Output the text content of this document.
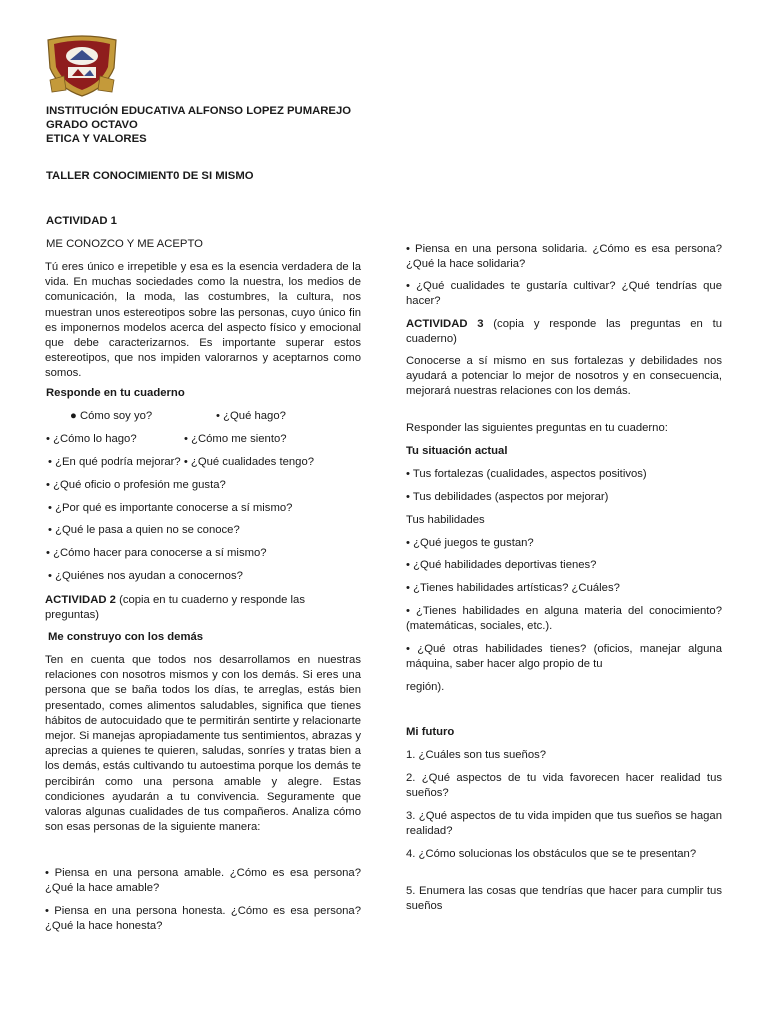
INSTITUCIÓN EDUCATIVA ALFONSO LOPEZ PUMAREJO

GRADO OCTAVO

ETICA Y VALORES

TALLER CONOCIMIENT0 DE SI MISMO

ACTIVIDAD 1

ME CONOZCO Y ME ACEPTO

Tú eres único e irrepetible y esa es la esencia verdadera de la vida. En muchas sociedades como la nuestra, los medios de comunicación, la moda, las costumbres, la cultura, nos muestran unos estereotipos sobre las personas, cuyo único fin es imponernos modelos acerca del aspecto físico y emocional que debe caracterizarnos. Es importante superar estos estereotipos, que nos impiden valorarnos y aceptarnos como somos.

Responde en tu cuaderno

● Cómo soy yo?	• ¿Qué hago?

• ¿Cómo lo hago?	• ¿Cómo me siento?

• ¿En qué podría mejorar? • ¿Qué cualidades tengo?

• ¿Qué oficio o profesión me gusta?

• ¿Por qué es importante conocerse a sí mismo?

• ¿Qué le pasa a quien no se conoce?

• ¿Cómo hacer para conocerse a sí mismo?

• ¿Quiénes nos ayudan a conocernos?

ACTIVIDAD 2 (copia en tu cuaderno y responde las preguntas)

Me construyo con los demás

Ten en cuenta que todos nos desarrollamos en nuestras relaciones con nosotros mismos y con los demás. Si eres una persona que se baña todos los días, te arreglas, estás bien presentado, comes alimentos saludables, significa que tienes hábitos de autocuidado que te permitirán sentirte y relacionarte mejor. Si manejas apropiadamente tus sentimientos, abrazas y aprecias a quienes te quieren, saludas, sonríes y tratas bien a los demás, estás cultivando tu autoestima porque los demás te percibirán como una persona amable y alegre. Estas condiciones ayudarán a tu convivencia. Seguramente que valoras algunas cualidades de tus compañeros. Analiza cómo son esas personas de la siguiente manera:

• Piensa en una persona amable. ¿Cómo es esa persona? ¿Qué la hace amable?

• Piensa en una persona honesta. ¿Cómo es esa persona? ¿Qué la hace honesta?

• Piensa en una persona solidaria. ¿Cómo es esa persona? ¿Qué la hace solidaria?

• ¿Qué cualidades te gustaría cultivar? ¿Qué tendrías que hacer?

ACTIVIDAD 3 (copia y responde las preguntas en tu cuaderno)

Conocerse a sí mismo en sus fortalezas y debilidades nos ayudará a potenciar lo mejor de nosotros y en consecuencia, mejorará nuestras relaciones con los demás.

Responder las siguientes preguntas en tu cuaderno:

Tu situación actual

• Tus fortalezas (cualidades, aspectos positivos)

• Tus debilidades (aspectos por mejorar)

Tus habilidades

• ¿Qué juegos te gustan?

• ¿Qué habilidades deportivas tienes?

• ¿Tienes habilidades artísticas? ¿Cuáles?

• ¿Tienes habilidades en alguna materia del conocimiento? (matemáticas, sociales, etc.).

• ¿Qué otras habilidades tienes? (oficios, manejar alguna máquina, saber hacer algo propio de tu

región).

Mi futuro

1. ¿Cuáles son tus sueños?

2. ¿Qué aspectos de tu vida favorecen hacer realidad tus sueños?

3. ¿Qué aspectos de tu vida impiden que tus sueños se hagan realidad?

4. ¿Cómo solucionas los obstáculos que se te presentan?

5. Enumera las cosas que tendrías que hacer para cumplir tus sueños
